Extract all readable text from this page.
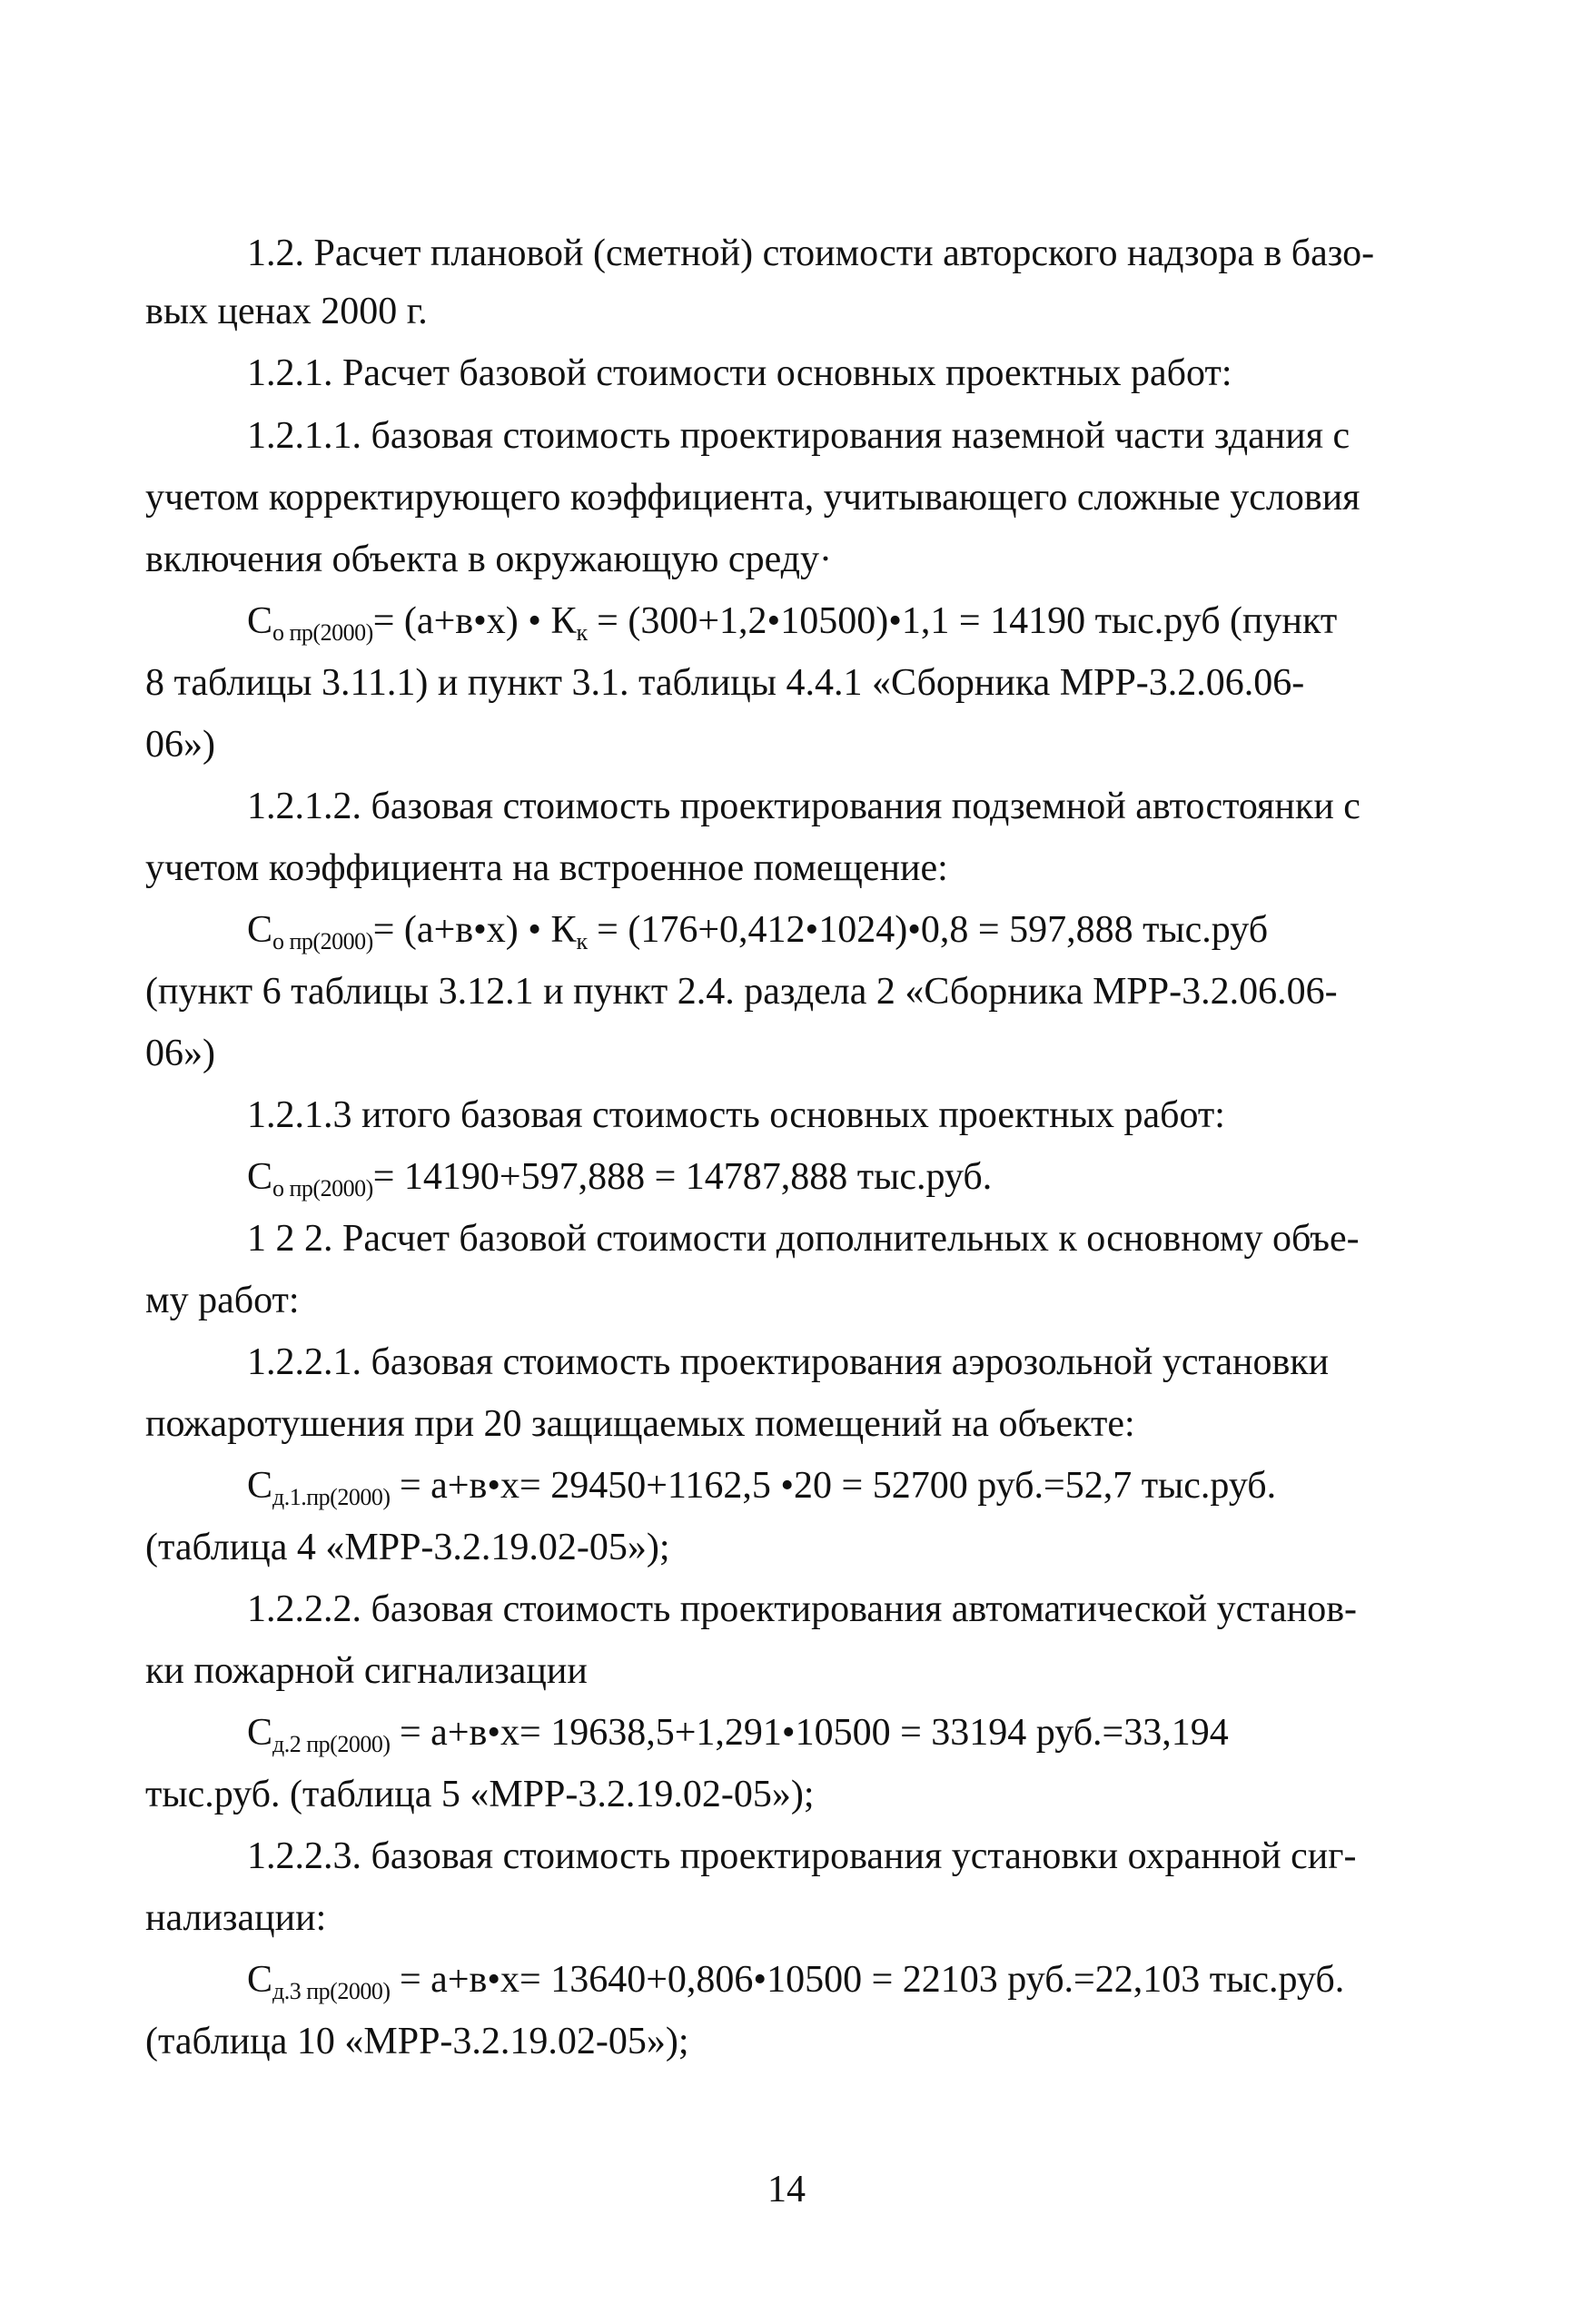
1.2. Расчет плановой (сметной) стоимости авторского надзора в базо-
вых ценах 2000 г.
1.2.1. Расчет базовой стоимости основных проектных работ:
1.2.1.1. базовая стоимость проектирования наземной части здания с
учетом корректирующего коэффициента, учитывающего сложные условия
включения объекта в окружающую среду·
$C_{о пр(2000)}=$ (а+в•х) • $К_к$ = (300+1,2•10500)•1,1 = 14190 тыс.руб (пункт
8 таблицы 3.11.1) и пункт 3.1. таблицы 4.4.1 «Сборника МРР-3.2.06.06-
06»)
1.2.1.2. базовая стоимость проектирования подземной автостоянки с
учетом коэффициента на встроенное помещение:
$C_{о пр(2000)}=$ (а+в•х) • $К_к$ = (176+0,412•1024)•0,8 = 597,888 тыс.руб
(пункт 6 таблицы 3.12.1 и пункт 2.4. раздела 2 «Сборника МРР-3.2.06.06-
06»)
1.2.1.3 итого базовая стоимость основных проектных работ:
$C_{о пр(2000)}= 14190+597,888 = 14787,888$ тыс.руб.
1 2 2. Расчет базовой стоимости дополнительных к основному объе-
му работ:
1.2.2.1. базовая стоимость проектирования аэрозольной установки
пожаротушения при 20 защищаемых помещений на объекте:
$C_{д.1.пр(2000)}$ = а+в•х= 29450+1162,5 •20 = 52700 руб.=52,7 тыс.руб.
(таблица 4 «МРР-3.2.19.02-05»);
1.2.2.2. базовая стоимость проектирования автоматической установ-
ки пожарной сигнализации
$C_{д.2 пр(2000)}$ = а+в•х= 19638,5+1,291•10500 = 33194 руб.=33,194
тыс.руб. (таблица 5 «МРР-3.2.19.02-05»);
1.2.2.3. базовая стоимость проектирования установки охранной сиг-
нализации:
$C_{д.3 пр(2000)}$ = а+в•х= 13640+0,806•10500 = 22103 руб.=22,103 тыс.руб.
(таблица 10 «МРР-3.2.19.02-05»);
14
